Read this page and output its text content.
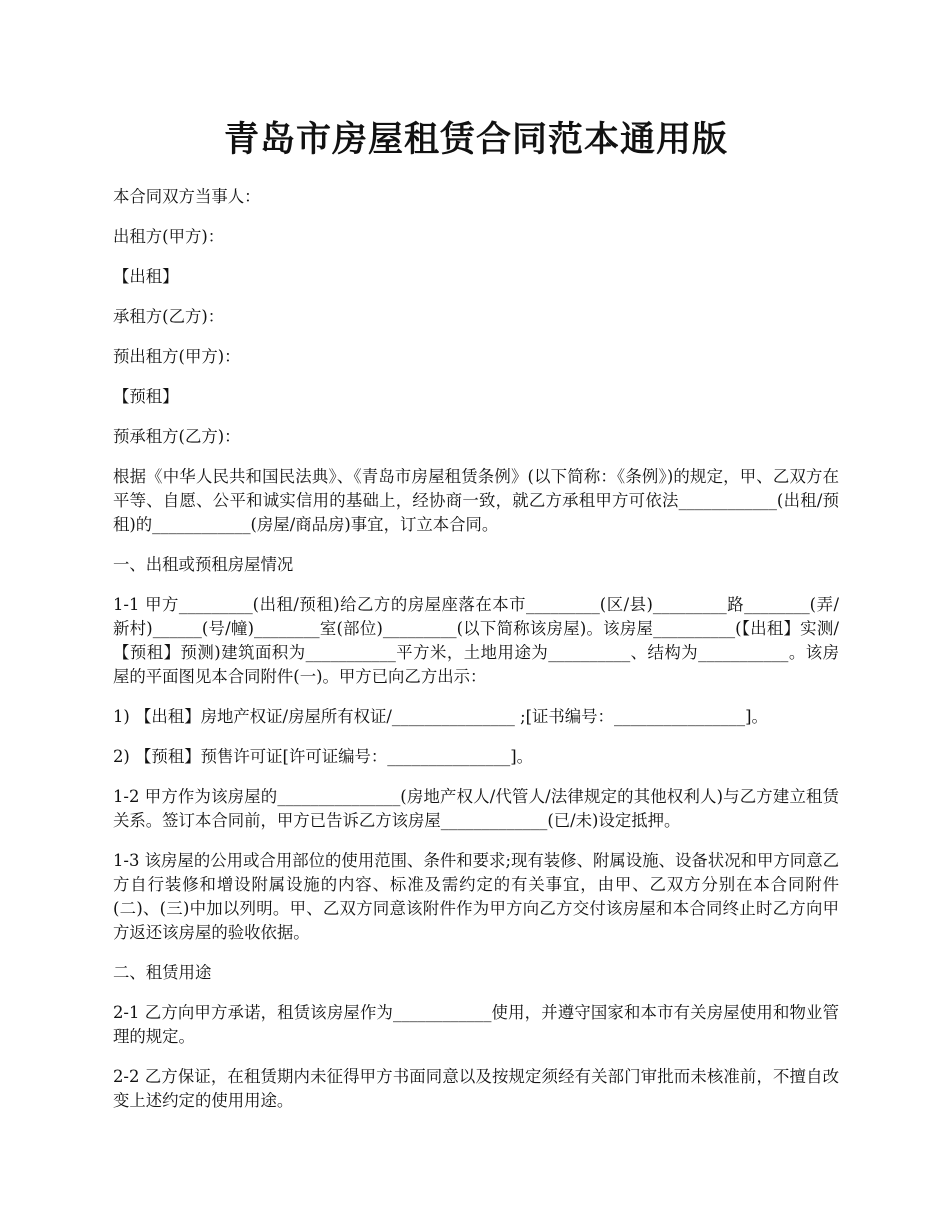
青岛市房屋租赁合同范本通用版

本合同双方当事人：

出租方(甲方)：

【出租】

承租方(乙方)：

预出租方(甲方)：

【预租】

预承租方(乙方)：

根据《中华人民共和国民法典》、《青岛市房屋租赁条例》(以下简称：《条例》)的规定，甲、乙双方在平等、自愿、公平和诚实信用的基础上，经协商一致，就乙方承租甲方可依法____________(出租/预租)的____________(房屋/商品房)事宜，订立本合同。

一、出租或预租房屋情况

1-1 甲方_________(出租/预租)给乙方的房屋座落在本市_________(区/县)_________路________(弄/新村)______(号/幢)________室(部位)_________(以下简称该房屋)。该房屋__________(【出租】实测/【预租】预测)建筑面积为___________平方米，土地用途为__________、结构为___________。该房屋的平面图见本合同附件(一)。甲方已向乙方出示：

1) 【出租】房地产权证/房屋所有权证/_______________ ;[证书编号：________________]。

2) 【预租】预售许可证[许可证编号：_______________]。

1-2 甲方作为该房屋的_______________(房地产权人/代管人/法律规定的其他权利人)与乙方建立租赁关系。签订本合同前，甲方已告诉乙方该房屋_____________(已/未)设定抵押。

1-3 该房屋的公用或合用部位的使用范围、条件和要求;现有装修、附属设施、设备状况和甲方同意乙方自行装修和增设附属设施的内容、标准及需约定的有关事宜，由甲、乙双方分别在本合同附件(二)、(三)中加以列明。甲、乙双方同意该附件作为甲方向乙方交付该房屋和本合同终止时乙方向甲方返还该房屋的验收依据。

二、租赁用途

2-1 乙方向甲方承诺，租赁该房屋作为____________使用，并遵守国家和本市有关房屋使用和物业管理的规定。

2-2 乙方保证，在租赁期内未征得甲方书面同意以及按规定须经有关部门审批而未核准前，不擅自改变上述约定的使用用途。
